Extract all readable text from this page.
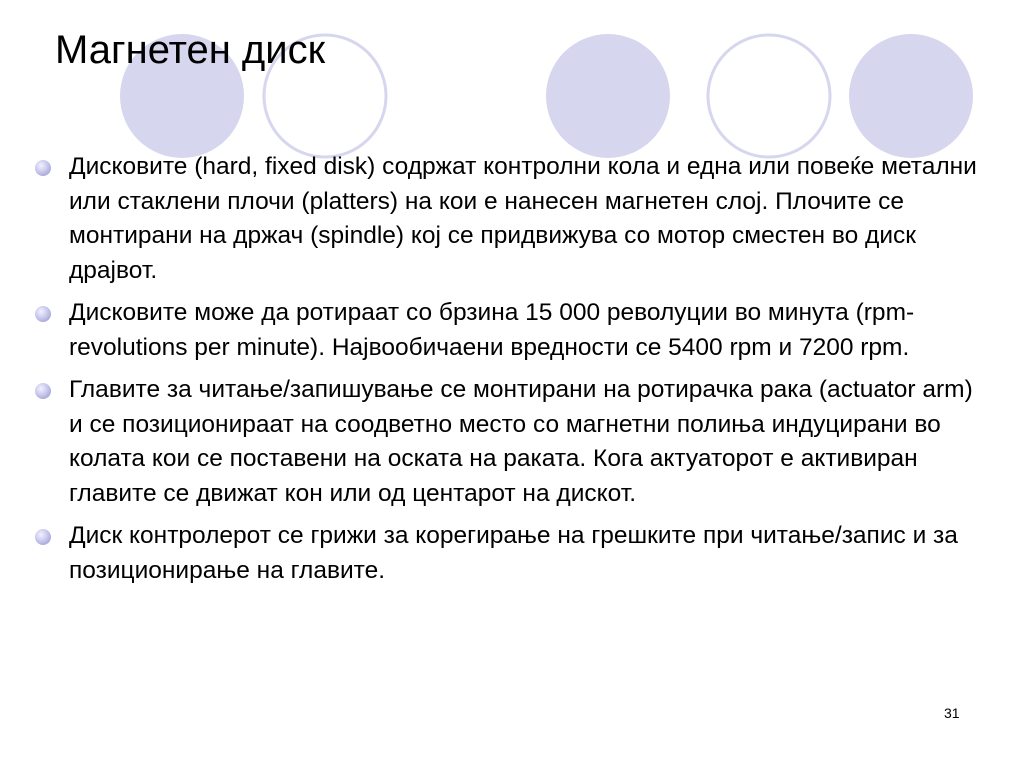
Магнетен диск
Дисковите (hard, fixed disk) содржат контролни кола и една или повеќе метални или стаклени плочи (platters) на кои е нанесен магнетен слој. Плочите се монтирани на држач (spindle) кој се придвижува со мотор сместен во диск драјвот.
Дисковите може да ротираат со брзина 15 000 револуции во минута (rpm-revolutions per minute). Највообичаени вредности се 5400 rpm и 7200 rpm.
Главите за читање/запишување се монтирани на ротирачка рака (actuator arm) и се позиционираат на соодветно место со магнетни полиња индуцирани во колата кои се поставени на оската на раката. Кога актуаторот е активиран главите се движат кон или од центарот на дискот.
Диск контролерот се грижи за корегирање на грешките при читање/запис и за позиционирање на главите.
31
